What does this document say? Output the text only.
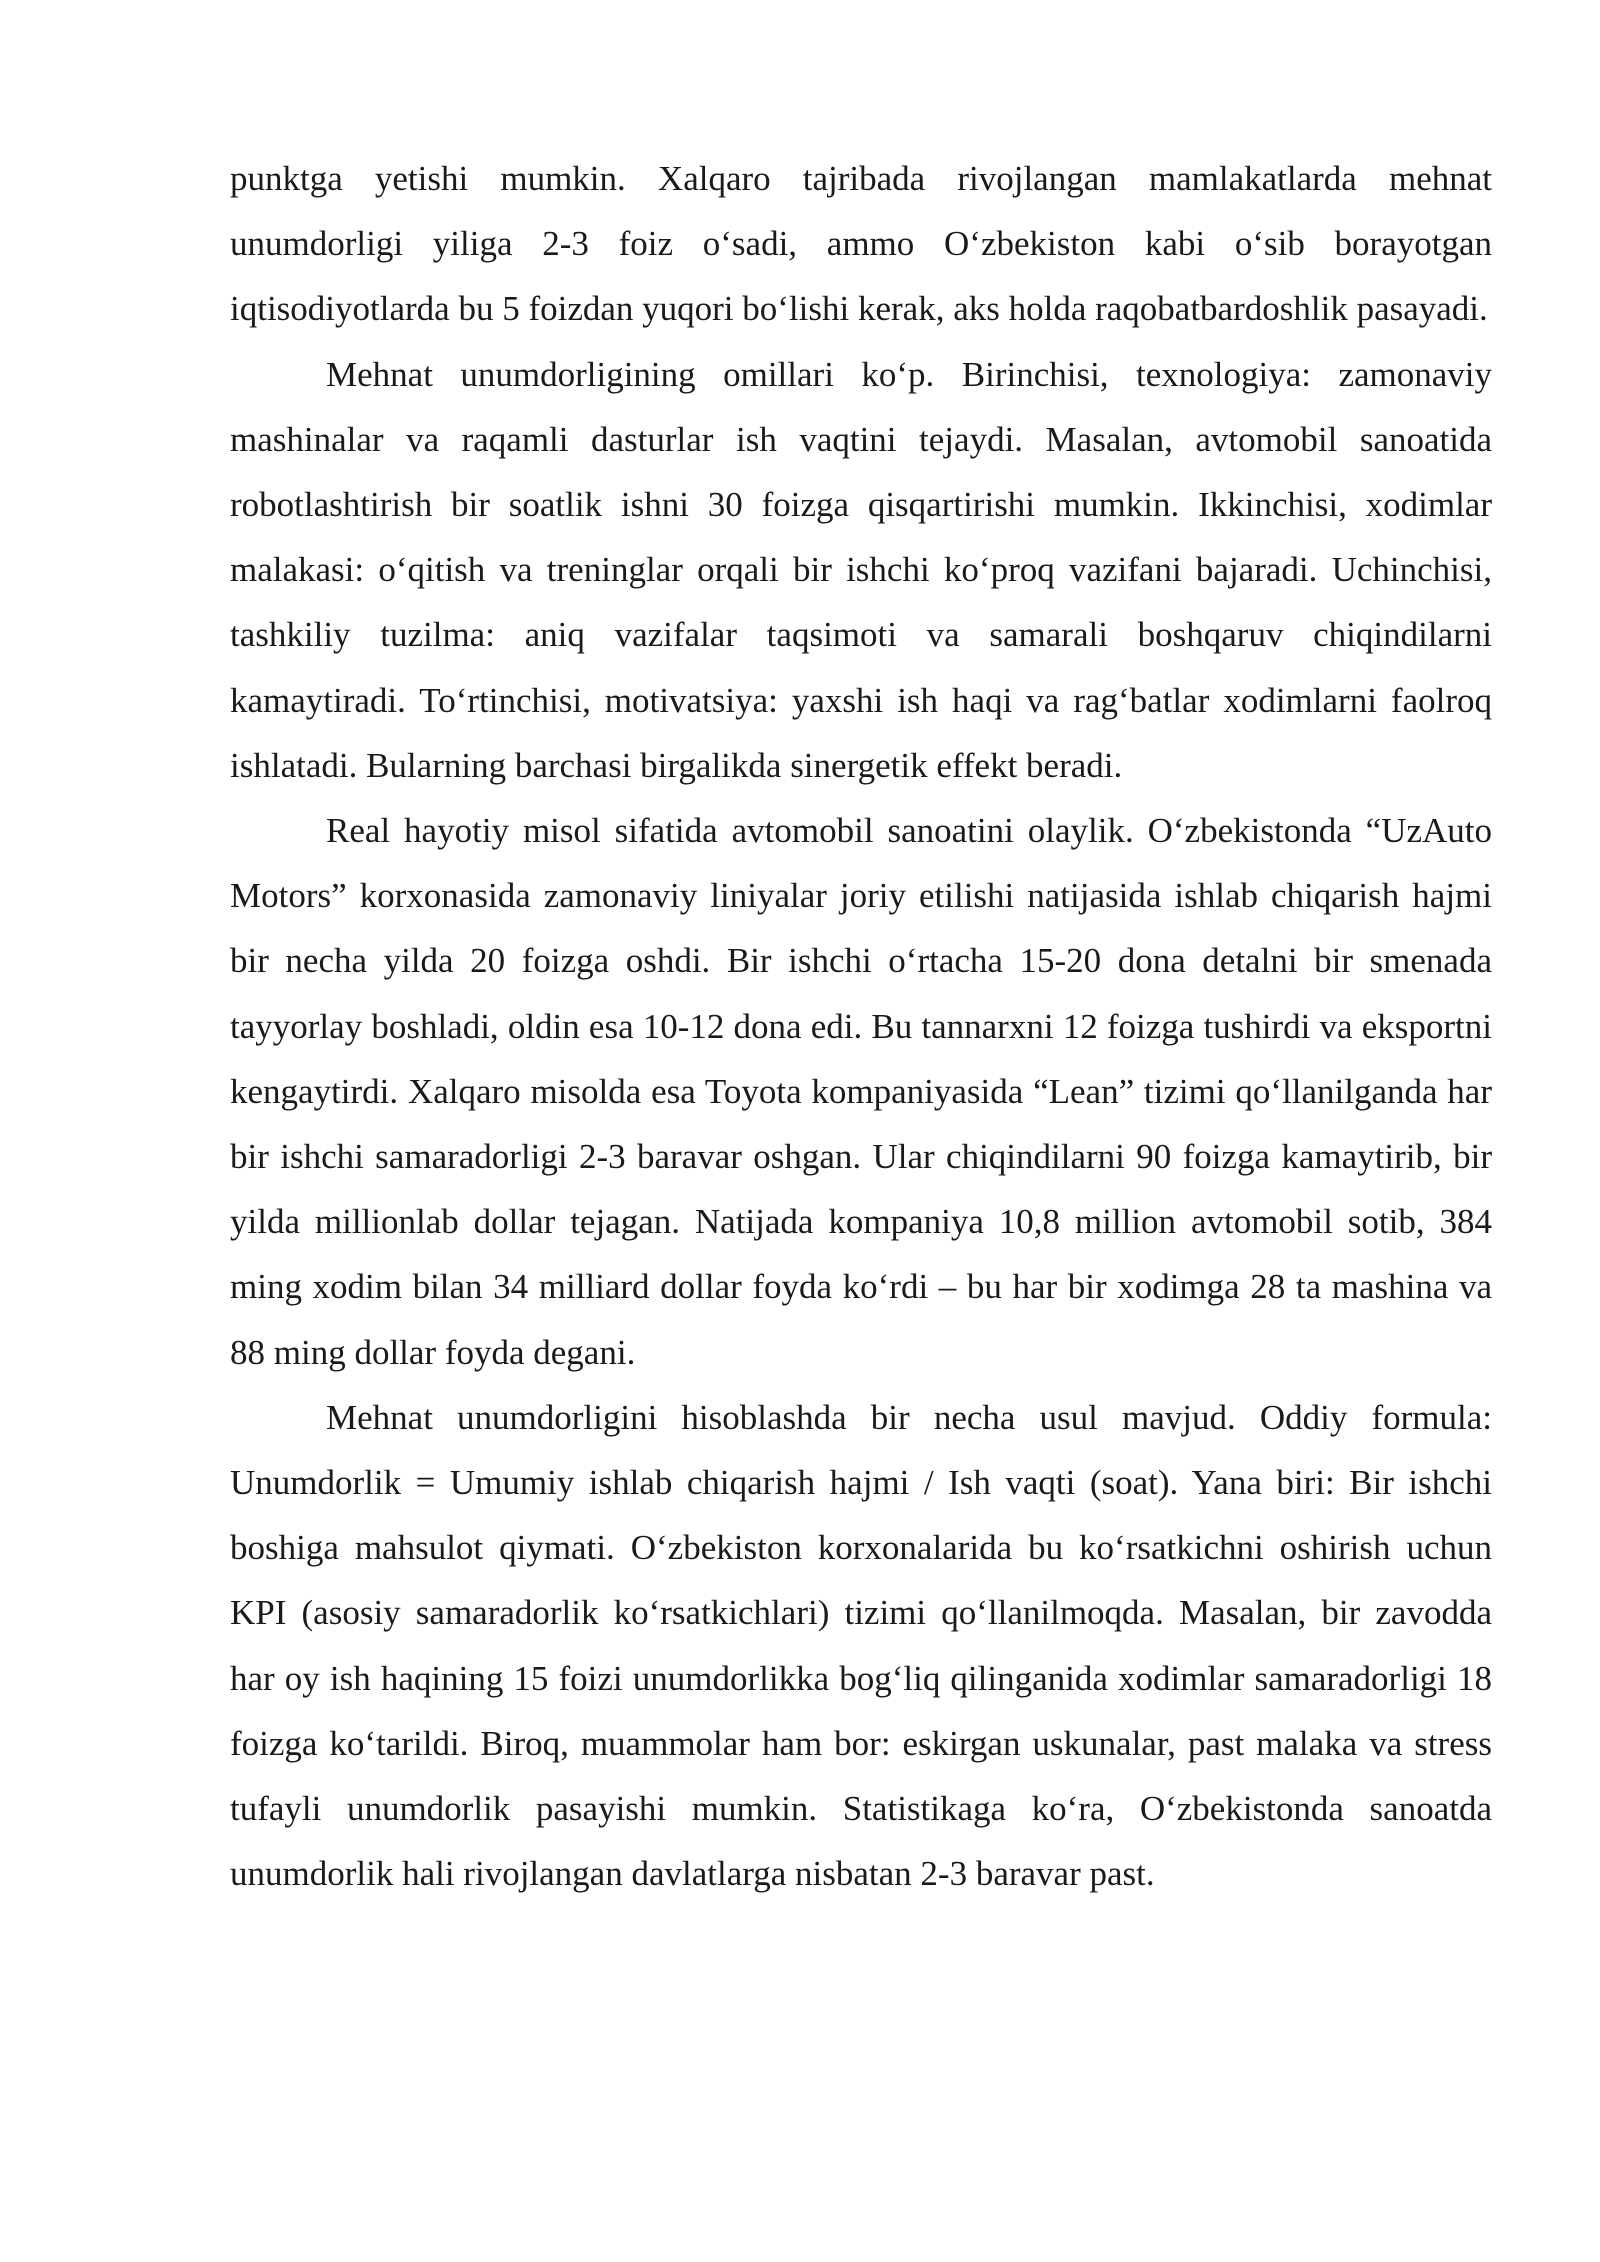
punktga yetishi mumkin. Xalqaro tajribada rivojlangan mamlakatlarda mehnat unumdorligi yiliga 2-3 foiz o‘sadi, ammo O‘zbekiston kabi o‘sib borayotgan iqtisodiyotlarda bu 5 foizdan yuqori bo‘lishi kerak, aks holda raqobatbardoshlik pasayadi.

Mehnat unumdorligining omillari ko‘p. Birinchisi, texnologiya: zamonaviy mashinalar va raqamli dasturlar ish vaqtini tejaydi. Masalan, avtomobil sanoatida robotlashtirish bir soatlik ishni 30 foizga qisqartirishi mumkin. Ikkinchisi, xodimlar malakasi: o‘qitish va treninglar orqali bir ishchi ko‘proq vazifani bajaradi. Uchinchisi, tashkiliy tuzilma: aniq vazifalar taqsimoti va samarali boshqaruv chiqindilarni kamaytiradi. To‘rtinchisi, motivatsiya: yaxshi ish haqi va rag‘batlar xodimlarni faolroq ishlatadi. Bularning barchasi birgalikda sinergetik effekt beradi.

Real hayotiy misol sifatida avtomobil sanoatini olaylik. O‘zbekistonda “UzAuto Motors” korxonasida zamonaviy liniyalar joriy etilishi natijasida ishlab chiqarish hajmi bir necha yilda 20 foizga oshdi. Bir ishchi o‘rtacha 15-20 dona detalni bir smenada tayyorlay boshladi, oldin esa 10-12 dona edi. Bu tannarxni 12 foizga tushirdi va eksportni kengaytirdi. Xalqaro misolda esa Toyota kompaniyasida “Lean” tizimi qo‘llanilganda har bir ishchi samaradorligi 2-3 baravar oshgan. Ular chiqindilarni 90 foizga kamaytirib, bir yilda millionlab dollar tejagan. Natijada kompaniya 10,8 million avtomobil sotib, 384 ming xodim bilan 34 milliard dollar foyda ko‘rdi – bu har bir xodimga 28 ta mashina va 88 ming dollar foyda degani.

Mehnat unumdorligini hisoblashda bir necha usul mavjud. Oddiy formula: Unumdorlik = Umumiy ishlab chiqarish hajmi / Ish vaqti (soat). Yana biri: Bir ishchi boshiga mahsulot qiymati. O‘zbekiston korxonalarida bu ko‘rsatkichni oshirish uchun KPI (asosiy samaradorlik ko‘rsatkichlari) tizimi qo‘llanilmoqda. Masalan, bir zavodda har oy ish haqining 15 foizi unumdorlikka bog‘liq qilinganida xodimlar samaradorligi 18 foizga ko‘tarildi. Biroq, muammolar ham bor: eskirgan uskunalar, past malaka va stress tufayli unumdorlik pasayishi mumkin. Statistikaga ko‘ra, O‘zbekistonda sanoatda unumdorlik hali rivojlangan davlatlarga nisbatan 2-3 baravar past.
